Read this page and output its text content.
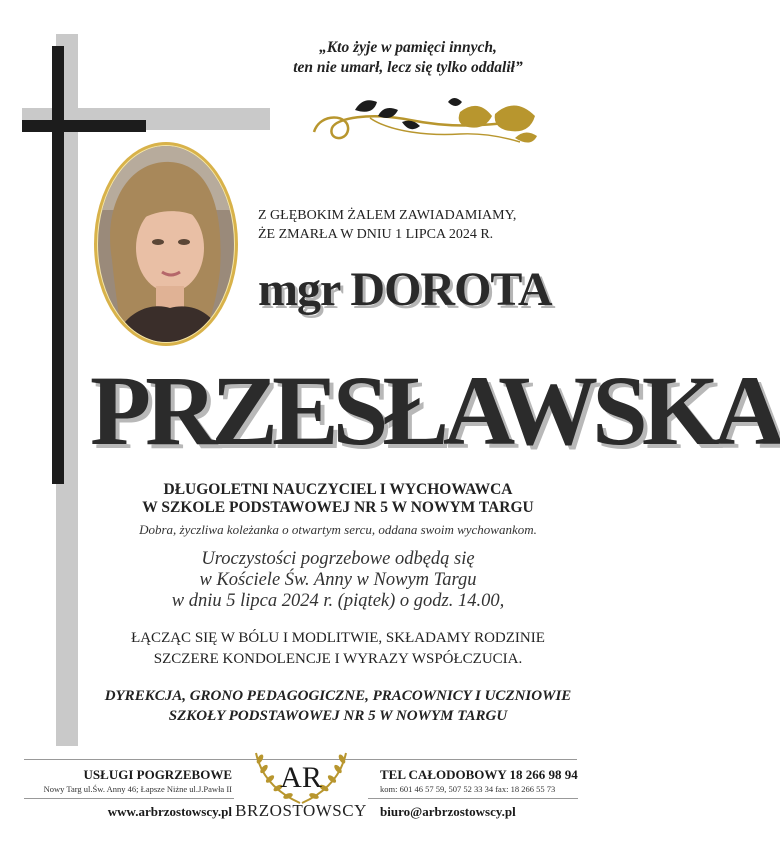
„Kto żyje w pamięci innych,
ten nie umarł, lecz się tylko oddalił”
Z GŁĘBOKIM ŻALEM ZAWIADAMIAMY,
ŻE ZMARŁA W DNIU 1 LIPCA 2024 R.
mgr DOROTA
PRZESŁAWSKA
DŁUGOLETNI NAUCZYCIEL I WYCHOWAWCA
W SZKOLE PODSTAWOWEJ NR 5 W NOWYM TARGU
Dobra, życzliwa koleżanka o otwartym sercu, oddana swoim wychowankom.
Uroczystości pogrzebowe odbędą się
w Kościele Św. Anny w Nowym Targu
w dniu 5 lipca 2024 r. (piątek) o godz. 14.00,
ŁĄCZĄC SIĘ W BÓLU I MODLITWIE, SKŁADAMY RODZINIE
SZCZERE KONDOLENCJE I WYRAZY WSPÓŁCZUCIA.
DYREKCJA, GRONO PEDAGOGICZNE, PRACOWNICY I UCZNIOWIE
SZKOŁY PODSTAWOWEJ NR 5 W NOWYM TARGU
USŁUGI POGRZEBOWE
Nowy Targ ul.Św. Anny 46; Łapsze Niżne ul.J.Pawła II
www.arbrzostowscy.pl
AR
BRZOSTOWSCY
TEL CAŁODOBOWY 18 266 98 94
kom: 601 46 57 59, 507 52 33 34 fax: 18 266 55 73
biuro@arbrzostowscy.pl
